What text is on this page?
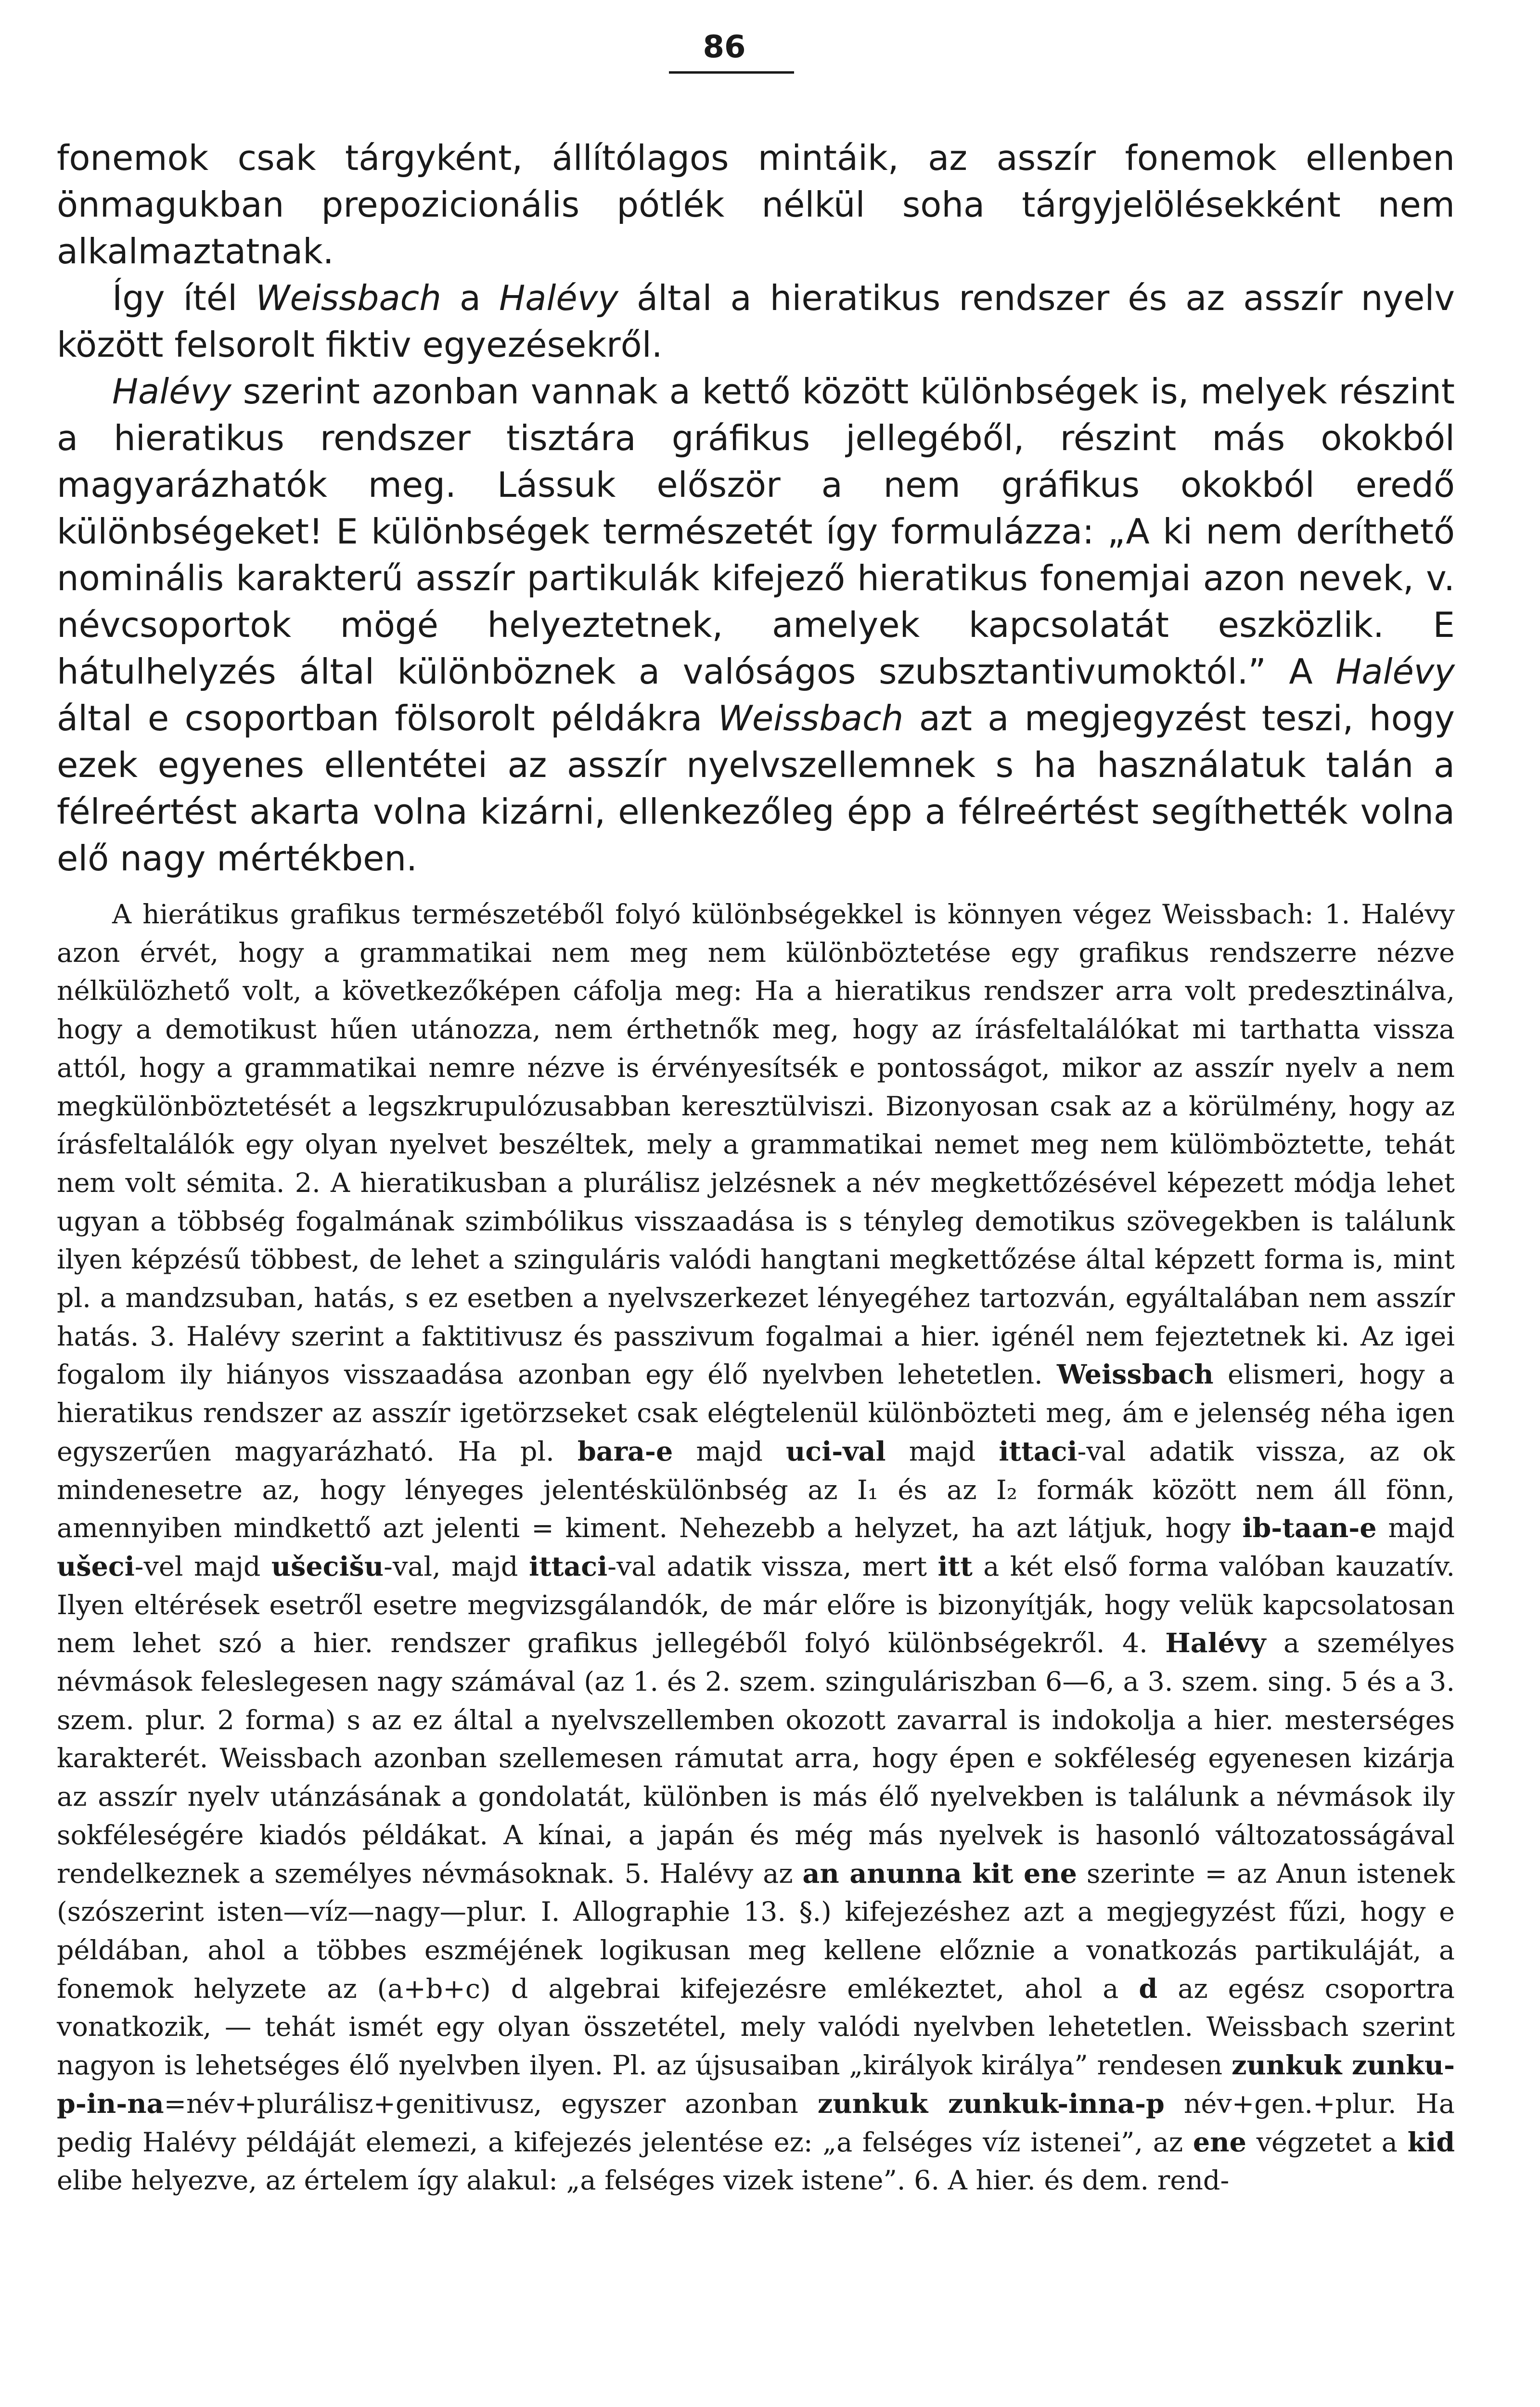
86

fonemok csak tárgyként, állítólagos mintáik, az asszír fonemok ellenben önmagukban prepozicionális pótlék nélkül soha tárgyjelölésekként nem alkalmaztatnak.

Így ítél Weissbach a Halévy által a hieratikus rendszer és az asszír nyelv között felsorolt fiktiv egyezésekről.

Halévy szerint azonban vannak a kettő között különbségek is, melyek részint a hieratikus rendszer tisztára gráfikus jellegéből, részint más okokból magyarázhatók meg. Lássuk először a nem gráfikus okokból eredő különbségeket! E különbségek természetét így formulázza: „A ki nem deríthető nominális karakterű asszír partikulák kifejező hieratikus fonemjai azon nevek, v. névcsoportok mögé helyeztetnek, amelyek kapcsolatát eszközlik. E hátulhelyzés által különböznek a valóságos szubsztantivumoktól.” A Halévy által e csoportban fölsorolt példákra Weissbach azt a megjegyzést teszi, hogy ezek egyenes ellentétei az asszír nyelvszellemnek s ha használatuk talán a félreértést akarta volna kizárni, ellenkezőleg épp a félreértést segíthették volna elő nagy mértékben.

A hierátikus grafikus természetéből folyó különbségekkel is könnyen végez Weissbach: 1. Halévy azon érvét, hogy a grammatikai nem meg nem különböztetése egy grafikus rendszerre nézve nélkülözhető volt, a következőképen cáfolja meg: Ha a hieratikus rendszer arra volt predesztinálva, hogy a demotikust hűen utánozza, nem érthetnők meg, hogy az írásfeltalálókat mi tarthatta vissza attól, hogy a grammatikai nemre nézve is érvényesítsék e pontosságot, mikor az asszír nyelv a nem megkülönböztetését a legszkrupulózusabban keresztülviszi. Bizonyosan csak az a körülmény, hogy az írásfeltalálók egy olyan nyelvet beszéltek, mely a grammatikai nemet meg nem külömböztette, tehát nem volt sémita. 2. A hieratikusban a plurálisz jelzésnek a név megkettőzésével képezett módja lehet ugyan a többség fogalmának szimbólikus visszaadása is s tényleg demotikus szövegekben is találunk ilyen képzésű többest, de lehet a szinguláris valódi hangtani megkettőzése által képzett forma is, mint pl. a mandzsuban, hatás, s ez esetben a nyelvszerkezet lényegéhez tartozván, egyáltalában nem asszír hatás. 3. Halévy szerint a faktitivusz és passzivum fogalmai a hier. igénél nem fejeztetnek ki. Az igei fogalom ily hiányos visszaadása azonban egy élő nyelvben lehetetlen. Weissbach elismeri, hogy a hieratikus rendszer az asszír igetörzseket csak elégtelenül különbözteti meg, ám e jelenség néha igen egyszerűen magyarázható. Ha pl. bara-e majd uci-val majd ittaci-val adatik vissza, az ok mindenesetre az, hogy lényeges jelentéskülönbség az I₁ és az I₂ formák között nem áll fönn, amennyiben mindkettő azt jelenti = kiment. Nehezebb a helyzet, ha azt látjuk, hogy ib-taan-e majd ušeci-vel majd ušecišu-val, majd ittaci-val adatik vissza, mert itt a két első forma valóban kauzatív. Ilyen eltérések esetről esetre megvizsgálandók, de már előre is bizonyítják, hogy velük kapcsolatosan nem lehet szó a hier. rendszer grafikus jellegéből folyó különbségekről. 4. Halévy a személyes névmások feleslegesen nagy számával (az 1. és 2. szem. szinguláriszban 6—6, a 3. szem. sing. 5 és a 3. szem. plur. 2 forma) s az ez által a nyelvszellemben okozott zavarral is indokolja a hier. mesterséges karakterét. Weissbach azonban szellemesen rámutat arra, hogy épen e sokféleség egyenesen kizárja az asszír nyelv utánzásának a gondolatát, különben is más élő nyelvekben is találunk a névmások ily sokféleségére kiadós példákat. A kínai, a japán és még más nyelvek is hasonló változatosságával rendelkeznek a személyes névmásoknak. 5. Halévy az an anunna kit ene szerinte = az Anun istenek (szószerint isten—víz—nagy—plur. I. Allographie 13. §.) kifejezéshez azt a megjegyzést fűzi, hogy e példában, ahol a többes eszméjének logikusan meg kellene előznie a vonatkozás partikuláját, a fonemok helyzete az (a+b+c) d algebrai kifejezésre emlékeztet, ahol a d az egész csoportra vonatkozik, — tehát ismét egy olyan összetétel, mely valódi nyelvben lehetetlen. Weissbach szerint nagyon is lehetséges élő nyelvben ilyen. Pl. az újsusaiban „királyok királya” rendesen zunkuk zunku-p-in-na=név+plurálisz+genitivusz, egyszer azonban zunkuk zunkuk-inna-p név+gen.+plur. Ha pedig Halévy példáját elemezi, a kifejezés jelentése ez: „a felséges víz istenei”, az ene végzetet a kid elibe helyezve, az értelem így alakul: „a felséges vizek istene”. 6. A hier. és dem. rend-
